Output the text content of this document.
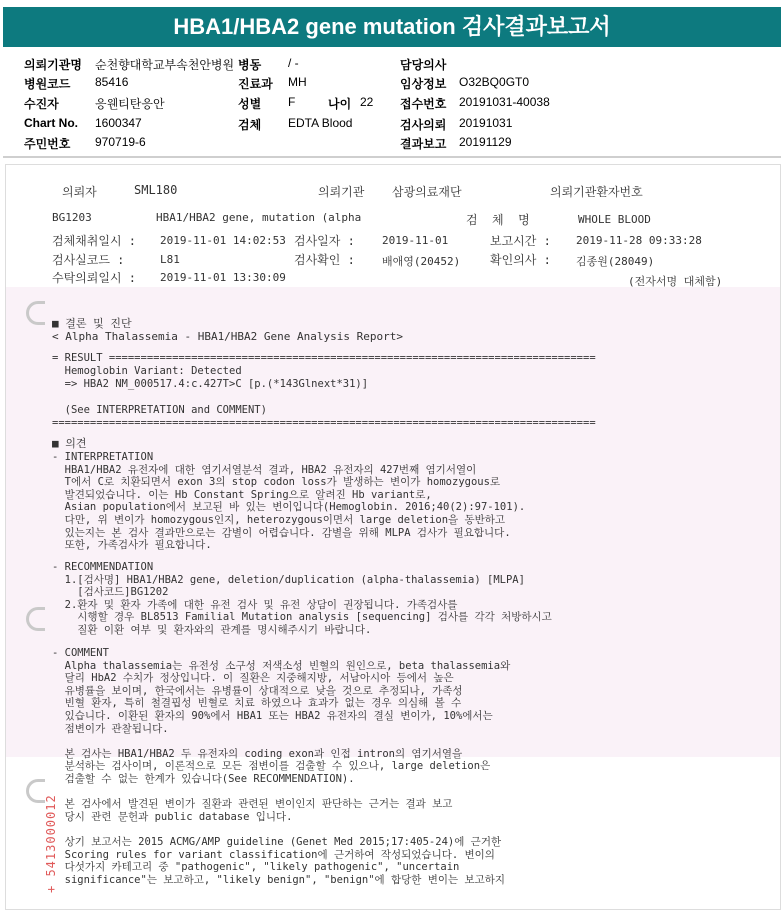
HBA1/HBA2 gene mutation 검사결과보고서
의뢰기관명 순천향대학교부속천안병원 병동 / -	담당의사
병원코드 85416	진료과 MH	임상정보 O32BQ0GT0
수진자	응웬티탄응안	성별 F	나이 22 접수번호 20191031-40038
Chart No. 1600347	검체 EDTA Blood	검사의뢰 20191031
주민번호 970719-6	결과보고 20191129
의뢰자	SML180	의뢰기관 삼광의료재단	의뢰기관환자번호
BG1203	HBA1/HBA2 gene, mutation (alpha	검  체  명	WHOLE BLOOD
검체채취일시 : 2019-11-01 14:02:53 검사일자 : 2019-11-01	보고시간 : 2019-11-28 09:33:28
검사실코드 :	L81	검사확인 : 배애영(20452) 확인의사 : 김종원(28049)
수탁의뢰일시 : 2019-11-01 13:30:09	(전자서명 대체함)
■ 결론 및 진단
< Alpha Thalassemia - HBA1/HBA2 Gene Analysis Report>
= RESULT =============================================================================
Hemoglobin Variant: Detected
=> HBA2 NM_000517.4:c.427T>C [p.(*143Glnext*31)]

(See INTERPRETATION and COMMENT)
======================================================================================
■ 의견
- INTERPRETATION
HBA1/HBA2 유전자에 대한 염기서열분석 결과, HBA2 유전자의 427번째 염기서열이
T에서 C로 치환되면서 exon 3의 stop codon loss가 발생하는 변이가 homozygous로
발견되었습니다. 이는 Hb Constant Spring으로 알려진 Hb variant로,
Asian population에서 보고된 바 있는 변이입니다(Hemoglobin. 2016;40(2):97-101).
다만, 위 변이가 homozygous인지, heterozygous이면서 large deletion을 동반하고
있는지는 본 검사 결과만으로는 감별이 어렵습니다. 감별을 위해 MLPA 검사가 필요합니다.
또한, 가족검사가 필요합니다.
- RECOMMENDATION
1.[검사명] HBA1/HBA2 gene, deletion/duplication (alpha-thalassemia) [MLPA]
[검사코드]BG1202
2.환자 및 환자 가족에 대한 유전 검사 및 유전 상담이 권장됩니다. 가족검사를
시행할 경우 BL8513 Familial Mutation analysis [sequencing] 검사를 각각 처방하시고
질환 이환 여부 및 환자와의 관계를 명시해주시기 바랍니다.
- COMMENT
Alpha thalassemia는 유전성 소구성 저색소성 빈혈의 원인으로, beta thalassemia와
달리 HbA2 수치가 정상입니다. 이 질환은 지중해지방, 서남아시아 등에서 높은
유병률을 보이며, 한국에서는 유병률이 상대적으로 낮을 것으로 추정되나, 가족성
빈혈 환자, 특히 철결핍성 빈혈로 치료 하였으나 효과가 없는 경우 의심해 볼 수
있습니다. 이환된 환자의 90%에서 HBA1 또는 HBA2 유전자의 결실 변이가, 10%에서는
점변이가 관찰됩니다.

본 검사는 HBA1/HBA2 두 유전자의 coding exon과 인접 intron의 염기서열을
분석하는 검사이며, 이론적으로 모든 점변이를 검출할 수 있으나, large deletion은
검출할 수 없는 한계가 있습니다(See RECOMMENDATION).

본 검사에서 발견된 변이가 질환과 관련된 변이인지 판단하는 근거는 결과 보고
당시 관련 문헌과 public database 입니다.

상기 보고서는 2015 ACMG/AMP guideline (Genet Med 2015;17:405-24)에 근거한
Scoring rules for variant classification에 근거하여 작성되었습니다. 변이의
다섯가지 카테고리 중 "pathogenic", "likely pathogenic", "uncertain
significance"는 보고하고, "likely benign", "benign"에 합당한 변이는 보고하지
+ 5413000012
